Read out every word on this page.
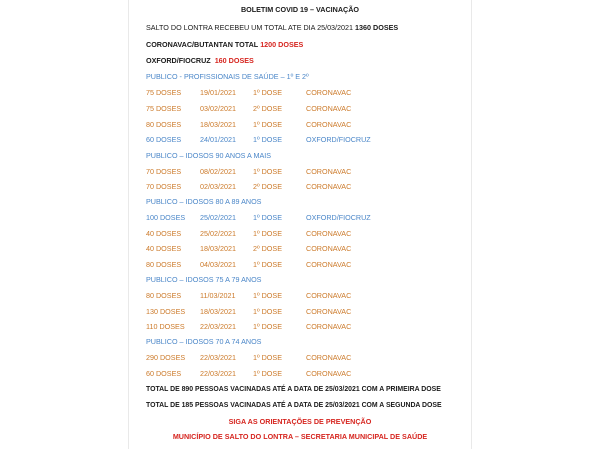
BOLETIM COVID 19 – VACINAÇÃO
SALTO DO LONTRA RECEBEU UM TOTAL ATE DIA 25/03/2021 1360 DOSES
CORONAVAC/BUTANTAN TOTAL 1200 DOSES
OXFORD/FIOCRUZ 160 DOSES
PUBLICO - PROFISSIONAIS DE SAÚDE – 1º E 2º
75 DOSES	19/01/2021 1º DOSE	CORONAVAC
75 DOSES	03/02/2021 2º DOSE	CORONAVAC
80 DOSES	18/03/2021 1º DOSE	CORONAVAC
60 DOSES	24/01/2021 1º DOSE	OXFORD/FIOCRUZ
PUBLICO – IDOSOS 90 ANOS A MAIS
70 DOSES	08/02/2021 1º DOSE	CORONAVAC
70 DOSES	02/03/2021 2º DOSE	CORONAVAC
PUBLICO – IDOSOS 80 A 89 ANOS
100 DOSES 25/02/2021 1º DOSE	OXFORD/FIOCRUZ
40 DOSES	25/02/2021 1º DOSE	CORONAVAC
40 DOSES	18/03/2021 2º DOSE	CORONAVAC
80 DOSES	04/03/2021 1º DOSE	CORONAVAC
PUBLICO – IDOSOS 75 A 79 ANOS
80 DOSES	11/03/2021 1º DOSE	CORONAVAC
130 DOSES 18/03/2021 1º DOSE	CORONAVAC
110 DOSES 22/03/2021 1º DOSE	CORONAVAC
PUBLICO – IDOSOS 70 A 74 ANOS
290 DOSES 22/03/2021 1º DOSE	CORONAVAC
60 DOSES	22/03/2021 1º DOSE	CORONAVAC
TOTAL DE 890 PESSOAS VACINADAS ATÉ A DATA DE 25/03/2021 COM A PRIMEIRA DOSE
TOTAL DE 185 PESSOAS VACINADAS ATÉ A DATA DE 25/03/2021 COM A SEGUNDA DOSE
SIGA AS ORIENTAÇÕES DE PREVENÇÃO
MUNICÍPIO DE SALTO DO LONTRA – SECRETARIA MUNICIPAL DE SAÚDE
